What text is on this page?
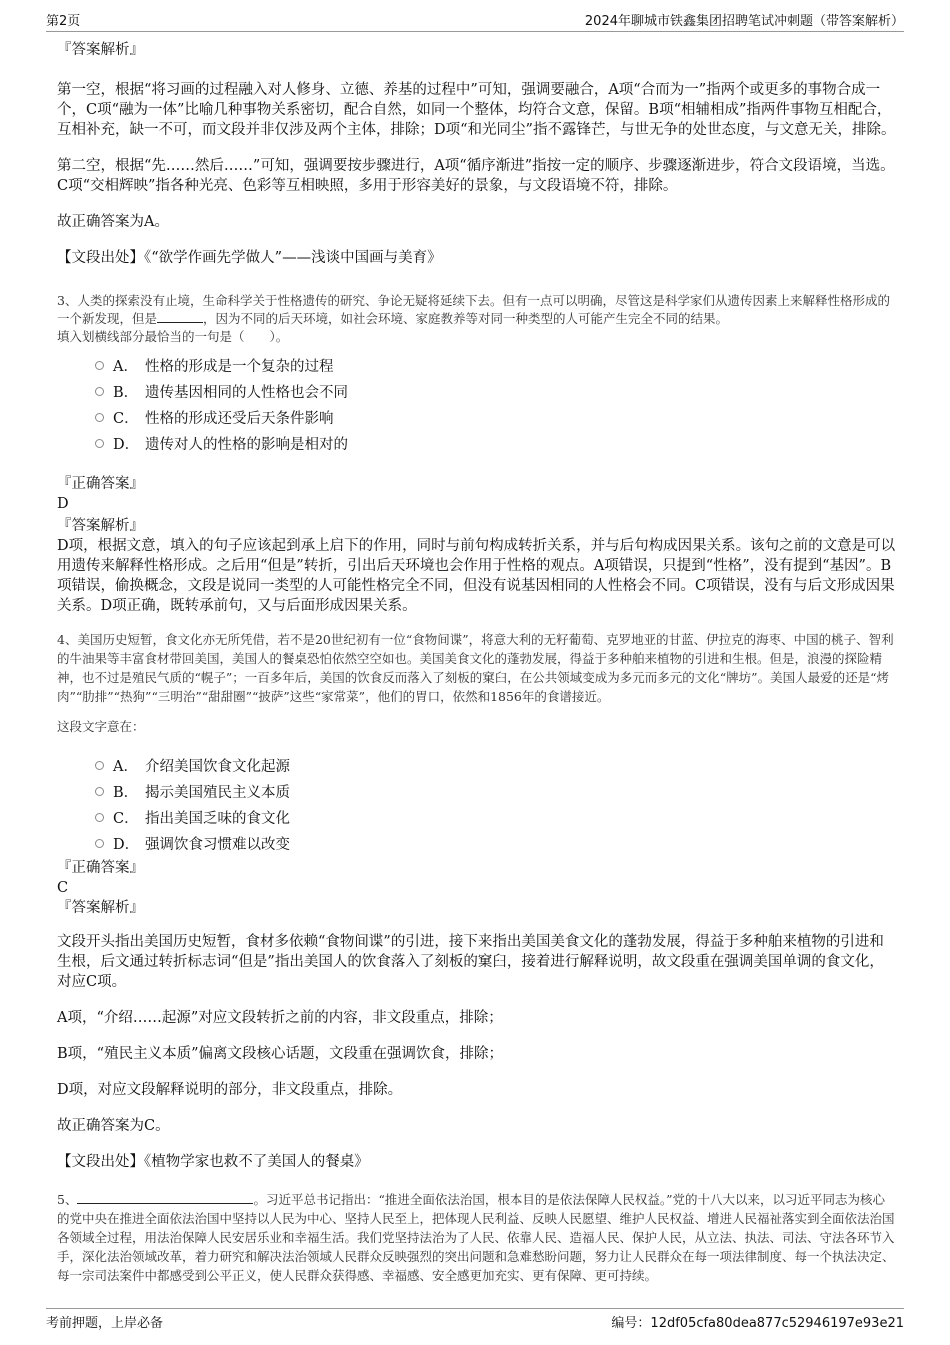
第2页	2024年聊城市铁鑫集团招聘笔试冲刺题（带答案解析）

『答案解析』

第一空，根据“将习画的过程融入对人修身、立德、养基的过程中”可知，强调要融合，A项“合而为一”指两个或更多的事物合成一个，C项“融为一体”比喻几种事物关系密切，配合自然，如同一个整体，均符合文意，保留。B项“相辅相成”指两件事物互相配合，互相补充，缺一不可，而文段并非仅涉及两个主体，排除；D项“和光同尘”指不露锋芒，与世无争的处世态度，与文意无关，排除。

第二空，根据“先……然后……”可知，强调要按步骤进行，A项“循序渐进”指按一定的顺序、步骤逐渐进步，符合文段语境，当选。C项“交相辉映”指各种光亮、色彩等互相映照，多用于形容美好的景象，与文段语境不符，排除。

故正确答案为A。

【文段出处】《“欲学作画先学做人”——浅谈中国画与美育》

3、人类的探索没有止境，生命科学关于性格遗传的研究、争论无疑将延续下去。但有一点可以明确，尽管这是科学家们从遗传因素上来解释性格形成的一个新发现，但是	，因为不同的后天环境，如社会环境、家庭教养等对同一种类型的人可能产生完全不同的结果。

填入划横线部分最恰当的一句是（　　）。

A． 性格的形成是一个复杂的过程
B． 遗传基因相同的人性格也会不同
C． 性格的形成还受后天条件影响
D． 遗传对人的性格的影响是相对的

『正确答案』

D

『答案解析』

D项，根据文意，填入的句子应该起到承上启下的作用，同时与前句构成转折关系，并与后句构成因果关系。该句之前的文意是可以用遗传来解释性格形成。之后用“但是”转折，引出后天环境也会作用于性格的观点。A项错误，只提到“性格”，没有提到“基因”。B项错误，偷换概念，文段是说同一类型的人可能性格完全不同，但没有说基因相同的人性格会不同。C项错误，没有与后文形成因果关系。D项正确，既转承前句，又与后面形成因果关系。

4、美国历史短暂，食文化亦无所凭借，若不是20世纪初有一位“食物间谍”，将意大利的无籽葡萄、克罗地亚的甘蓝、伊拉克的海枣、中国的桃子、智利的牛油果等丰富食材带回美国，美国人的餐桌恐怕依然空空如也。美国美食文化的蓬勃发展，得益于多种舶来植物的引进和生根。但是，浪漫的探险精神，也不过是殖民气质的“幌子”；一百多年后，美国的饮食反而落入了刻板的窠臼，在公共领域变成为多元而多元的文化“牌坊”。美国人最爱的还是“烤肉”“肋排”“热狗”“三明治”“甜甜圈”“披萨”这些“家常菜”，他们的胃口，依然和1856年的食谱接近。

这段文字意在：

A． 介绍美国饮食文化起源
B． 揭示美国殖民主义本质
C． 指出美国乏味的食文化
D． 强调饮食习惯难以改变

『正确答案』

C

『答案解析』

文段开头指出美国历史短暂，食材多依赖“食物间谍”的引进，接下来指出美国美食文化的蓬勃发展，得益于多种舶来植物的引进和生根，后文通过转折标志词“但是”指出美国人的饮食落入了刻板的窠臼，接着进行解释说明，故文段重在强调美国单调的食文化，对应C项。

A项，“介绍……起源”对应文段转折之前的内容，非文段重点，排除；

B项，“殖民主义本质”偏离文段核心话题，文段重在强调饮食，排除；

D项，对应文段解释说明的部分，非文段重点，排除。

故正确答案为C。

【文段出处】《植物学家也救不了美国人的餐桌》

5、	。习近平总书记指出：“推进全面依法治国，根本目的是依法保障人民权益。”党的十八大以来，以习近平同志为核心的党中央在推进全面依法治国中坚持以人民为中心、坚持人民至上，把体现人民利益、反映人民愿望、维护人民权益、增进人民福祉落实到全面依法治国各领域全过程，用法治保障人民安居乐业和幸福生活。我们党坚持法治为了人民、依靠人民、造福人民、保护人民，从立法、执法、司法、守法各环节入手，深化法治领域改革，着力研究和解决法治领域人民群众反映强烈的突出问题和急难愁盼问题，努力让人民群众在每一项法律制度、每一个执法决定、每一宗司法案件中都感受到公平正义，使人民群众获得感、幸福感、安全感更加充实、更有保障、更可持续。

考前押题，上岸必备	编号：12df05cfa80dea877c52946197e93e21
